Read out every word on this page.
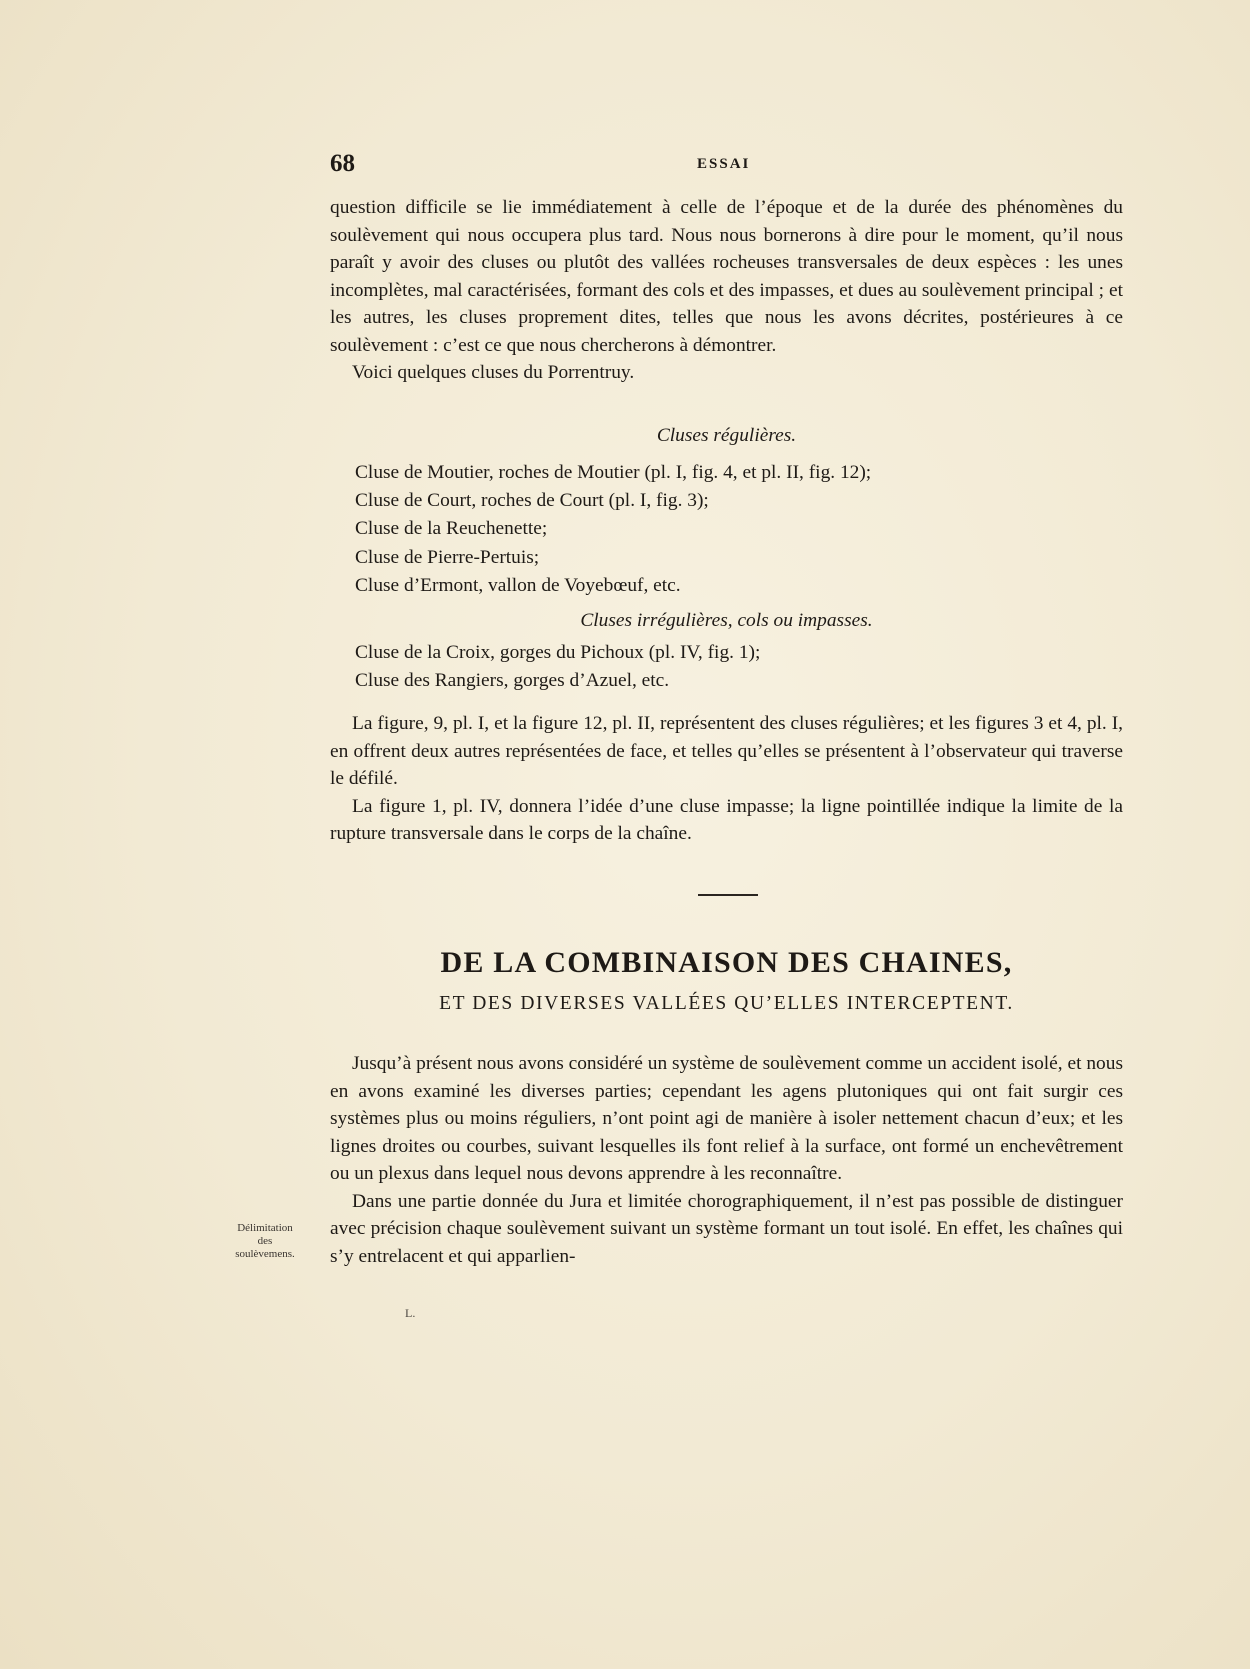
68	ESSAI

question difficile se lie immédiatement à celle de l’époque et de la durée des phénomènes du soulèvement qui nous occupera plus tard. Nous nous bornerons à dire pour le moment, qu’il nous paraît y avoir des cluses ou plutôt des vallées rocheuses transversales de deux espèces : les unes incomplètes, mal caractérisées, formant des cols et des impasses, et dues au soulèvement principal ; et les autres, les cluses proprement dites, telles que nous les avons décrites, postérieures à ce soulèvement : c’est ce que nous chercherons à démontrer.

Voici quelques cluses du Porrentruy.

Cluses régulières.
Cluse de Moutier, roches de Moutier (pl. I, fig. 4, et pl. II, fig. 12);
Cluse de Court, roches de Court (pl. I, fig. 3);
Cluse de la Reuchenette;
Cluse de Pierre-Pertuis;
Cluse d’Ermont, vallon de Voyebœuf, etc.
Cluses irrégulières, cols ou impasses.
Cluse de la Croix, gorges du Pichoux (pl. IV, fig. 1);
Cluse des Rangiers, gorges d’Azuel, etc.

La figure, 9, pl. I, et la figure 12, pl. II, représentent des cluses régulières; et les figures 3 et 4, pl. I, en offrent deux autres représentées de face, et telles qu’elles se présentent à l’observateur qui traverse le défilé.

La figure 1, pl. IV, donnera l’idée d’une cluse impasse; la ligne pointillée indique la limite de la rupture transversale dans le corps de la chaîne.

DE LA COMBINAISON DES CHAINES,
ET DES DIVERSES VALLÉES QU’ELLES INTERCEPTENT.

Jusqu’à présent nous avons considéré un système de soulèvement comme un accident isolé, et nous en avons examiné les diverses parties; cependant les agens plutoniques qui ont fait surgir ces systèmes plus ou moins réguliers, n’ont point agi de manière à isoler nettement chacun d’eux; et les lignes droites ou courbes, suivant lesquelles ils font relief à la surface, ont formé un enchevêtrement ou un plexus dans lequel nous devons apprendre à les reconnaître.

Dans une partie donnée du Jura et limitée chorographiquement, il n’est pas possible de distinguer avec précision chaque soulèvement suivant un système formant un tout isolé. En effet, les chaînes qui s’y entrelacent et qui apparlien-

Délimitation
des
soulèvemens.
L.
